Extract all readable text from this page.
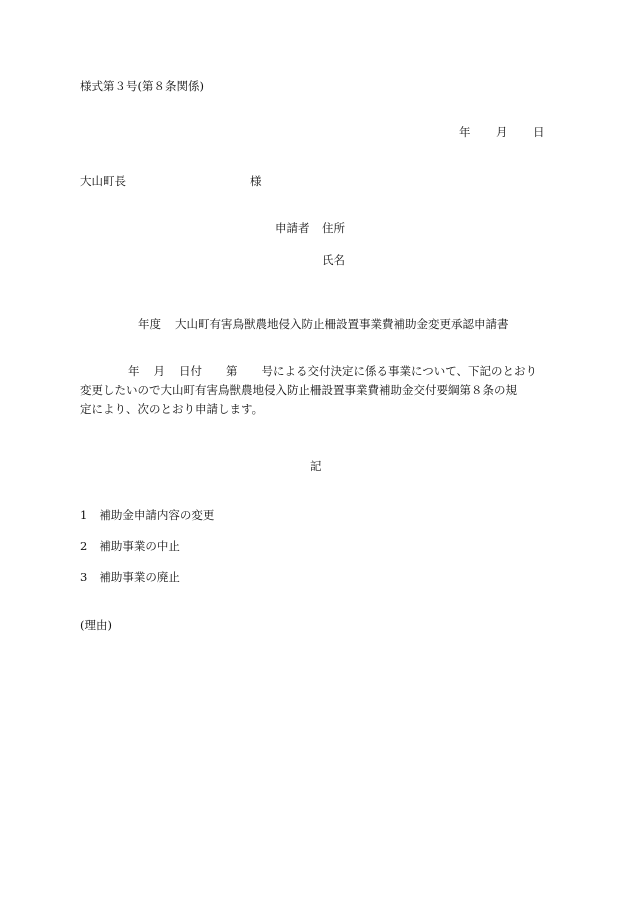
様式第３号(第８条関係)
年 月 日
大山町長	様
申請者 住所
氏名
年度 大山町有害鳥獣農地侵入防止柵設置事業費補助金変更承認申請書
年 月 日付 第 号による交付決定に係る事業について、下記のとおり
変更したいので大山町有害鳥獣農地侵入防止柵設置事業費補助金交付要綱第８条の規
定により、次のとおり申請します。
記
1 補助金申請内容の変更
2 補助事業の中止
3 補助事業の廃止
(理由)
